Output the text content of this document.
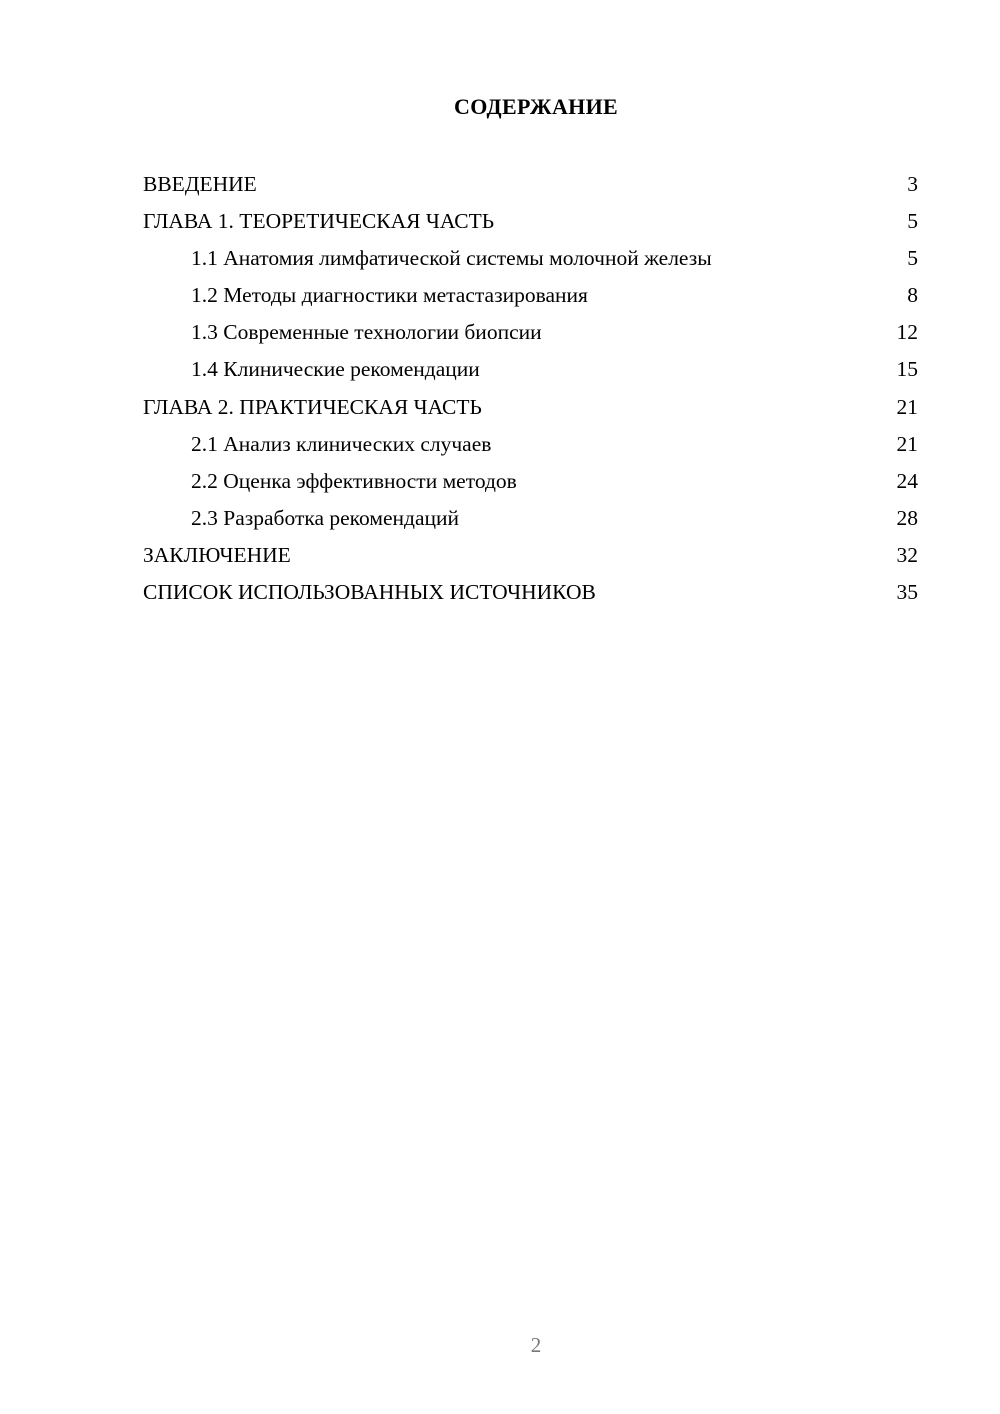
СОДЕРЖАНИЕ
ВВЕДЕНИЕ	3
ГЛАВА 1. ТЕОРЕТИЧЕСКАЯ ЧАСТЬ	5
1.1 Анатомия лимфатической системы молочной железы	5
1.2 Методы диагностики метастазирования	8
1.3 Современные технологии биопсии	12
1.4 Клинические рекомендации	15
ГЛАВА 2. ПРАКТИЧЕСКАЯ ЧАСТЬ	21
2.1 Анализ клинических случаев	21
2.2 Оценка эффективности методов	24
2.3 Разработка рекомендаций	28
ЗАКЛЮЧЕНИЕ	32
СПИСОК ИСПОЛЬЗОВАННЫХ ИСТОЧНИКОВ	35
2
